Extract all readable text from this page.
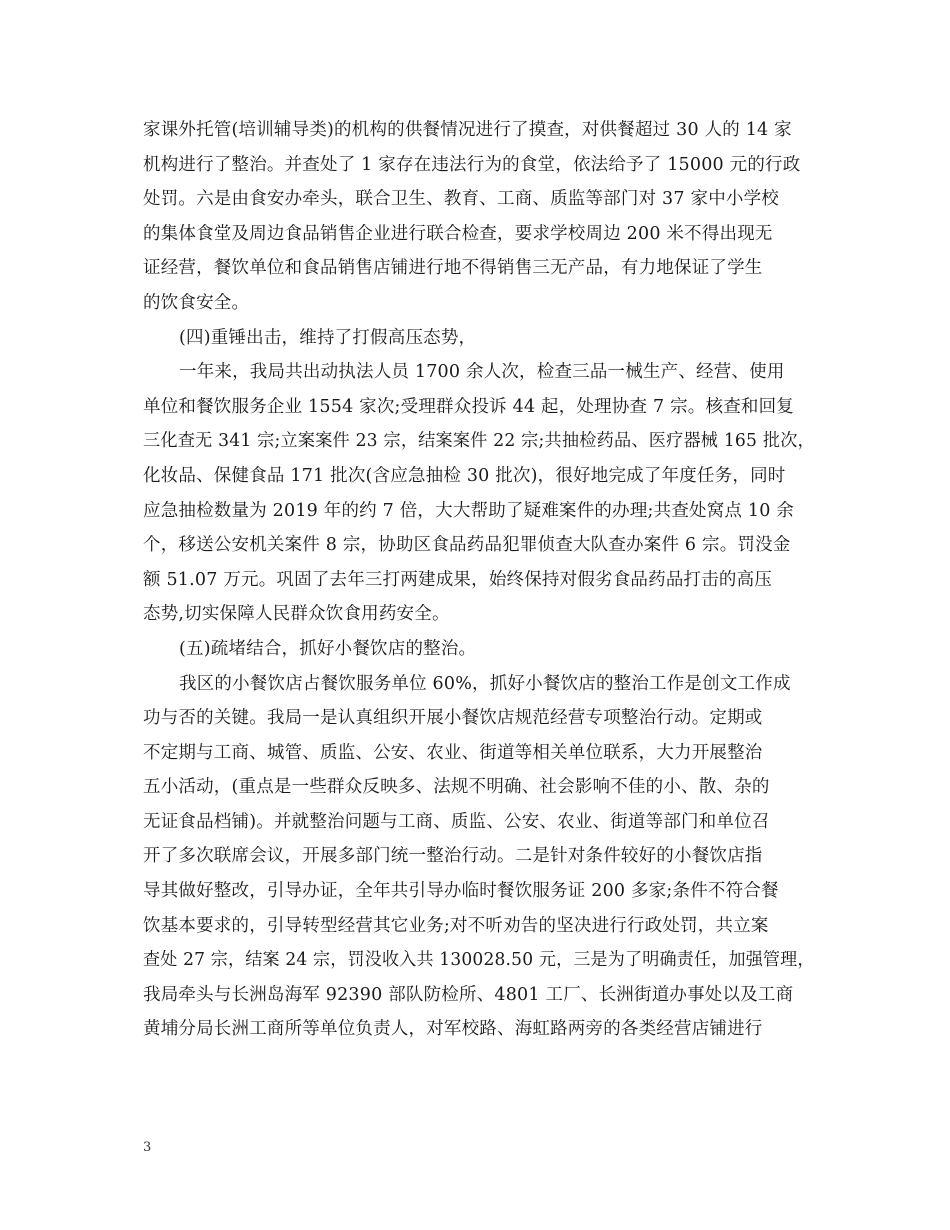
家课外托管(培训辅导类)的机构的供餐情况进行了摸查，对供餐超过 30 人的 14 家
机构进行了整治。并查处了 1 家存在违法行为的食堂，依法给予了 15000 元的行政
处罚。六是由食安办牵头，联合卫生、教育、工商、质监等部门对 37 家中小学校
的集体食堂及周边食品销售企业进行联合检查，要求学校周边 200 米不得出现无
证经营，餐饮单位和食品销售店铺进行地不得销售三无产品，有力地保证了学生
的饮食安全。
(四)重锤出击，维持了打假高压态势，
一年来，我局共出动执法人员 1700 余人次，检查三品一械生产、经营、使用
单位和餐饮服务企业 1554 家次;受理群众投诉 44 起，处理协查 7 宗。核查和回复
三化查无 341 宗;立案案件 23 宗，结案案件 22 宗;共抽检药品、医疗器械 165 批次，
化妆品、保健食品 171 批次(含应急抽检 30 批次)，很好地完成了年度任务，同时
应急抽检数量为 2019 年的约 7 倍，大大帮助了疑难案件的办理;共查处窝点 10 余
个，移送公安机关案件 8 宗，协助区食品药品犯罪侦查大队查办案件 6 宗。罚没金
额 51.07 万元。巩固了去年三打两建成果，始终保持对假劣食品药品打击的高压
态势,切实保障人民群众饮食用药安全。
(五)疏堵结合，抓好小餐饮店的整治。
我区的小餐饮店占餐饮服务单位 60%，抓好小餐饮店的整治工作是创文工作成
功与否的关键。我局一是认真组织开展小餐饮店规范经营专项整治行动。定期或
不定期与工商、城管、质监、公安、农业、街道等相关单位联系，大力开展整治
五小活动，(重点是一些群众反映多、法规不明确、社会影响不佳的小、散、杂的
无证食品档铺)。并就整治问题与工商、质监、公安、农业、街道等部门和单位召
开了多次联席会议，开展多部门统一整治行动。二是针对条件较好的小餐饮店指
导其做好整改，引导办证，全年共引导办临时餐饮服务证 200 多家;条件不符合餐
饮基本要求的，引导转型经营其它业务;对不听劝告的坚决进行行政处罚，共立案
查处 27 宗，结案 24 宗，罚没收入共 130028.50 元，三是为了明确责任，加强管理，
我局牵头与长洲岛海军 92390 部队防检所、4801 工厂、长洲街道办事处以及工商
黄埔分局长洲工商所等单位负责人，对军校路、海虹路两旁的各类经营店铺进行
3
